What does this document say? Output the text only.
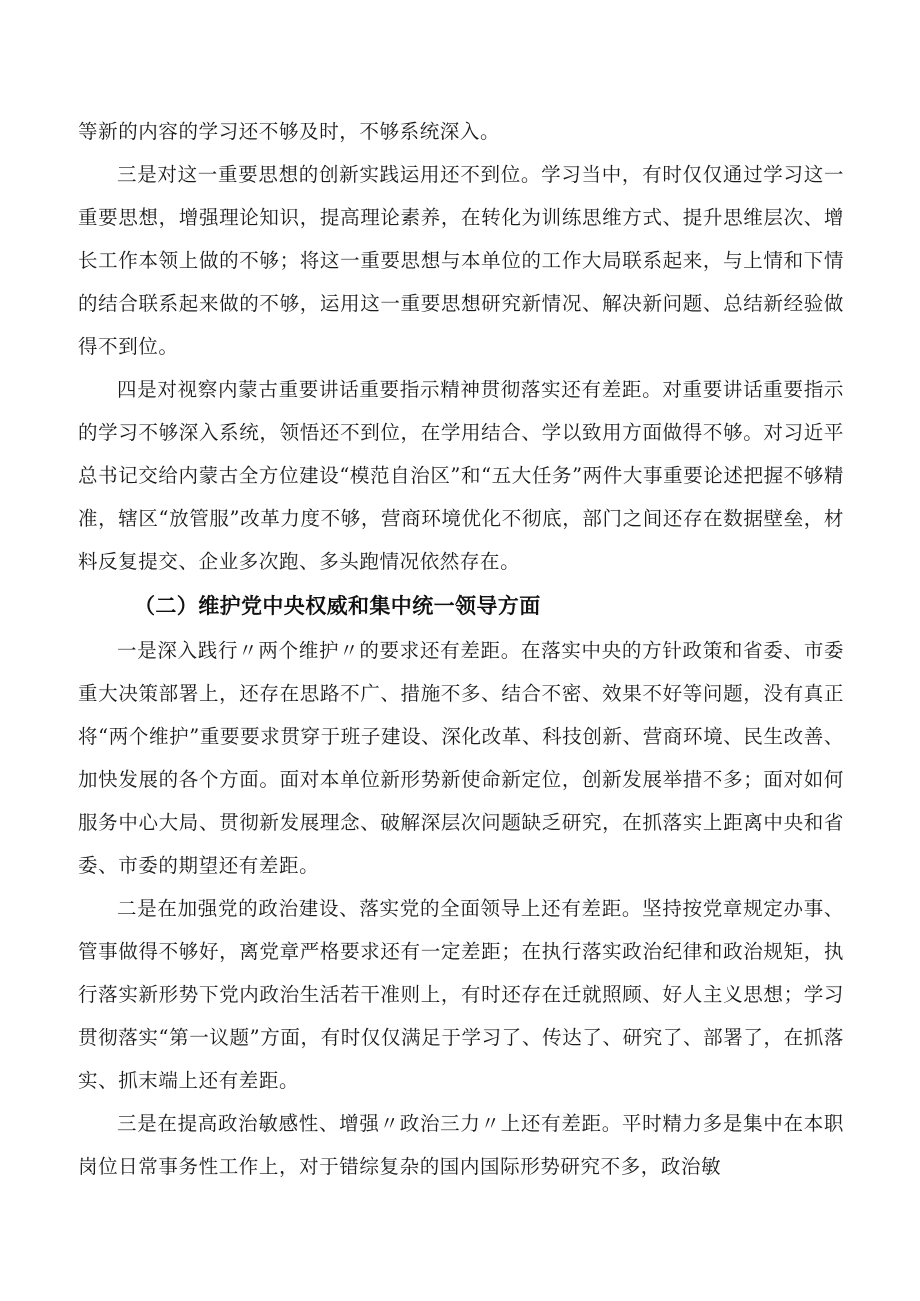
等新的内容的学习还不够及时，不够系统深入。

三是对这一重要思想的创新实践运用还不到位。学习当中，有时仅仅通过学习这一重要思想，增强理论知识，提高理论素养，在转化为训练思维方式、提升思维层次、增长工作本领上做的不够；将这一重要思想与本单位的工作大局联系起来，与上情和下情的结合联系起来做的不够，运用这一重要思想研究新情况、解决新问题、总结新经验做得不到位。

四是对视察内蒙古重要讲话重要指示精神贯彻落实还有差距。对重要讲话重要指示的学习不够深入系统，领悟还不到位，在学用结合、学以致用方面做得不够。对习近平总书记交给内蒙古全方位建设“模范自治区”和“五大任务”两件大事重要论述把握不够精准，辖区“放管服”改革力度不够，营商环境优化不彻底，部门之间还存在数据壁垒，材料反复提交、企业多次跑、多头跑情况依然存在。

（二）维护党中央权威和集中统一领导方面

一是深入践行〃两个维护〃的要求还有差距。在落实中央的方针政策和省委、市委重大决策部署上，还存在思路不广、措施不多、结合不密、效果不好等问题，没有真正将“两个维护”重要要求贯穿于班子建设、深化改革、科技创新、营商环境、民生改善、加快发展的各个方面。面对本单位新形势新使命新定位，创新发展举措不多；面对如何服务中心大局、贯彻新发展理念、破解深层次问题缺乏研究，在抓落实上距离中央和省委、市委的期望还有差距。

二是在加强党的政治建设、落实党的全面领导上还有差距。坚持按党章规定办事、管事做得不够好，离党章严格要求还有一定差距；在执行落实政治纪律和政治规矩，执行落实新形势下党内政治生活若干准则上，有时还存在迁就照顾、好人主义思想；学习贯彻落实“第一议题”方面，有时仅仅满足于学习了、传达了、研究了、部署了，在抓落实、抓末端上还有差距。

三是在提高政治敏感性、增强〃政治三力〃上还有差距。平时精力多是集中在本职岗位日常事务性工作上，对于错综复杂的国内国际形势研究不多，政治敏
